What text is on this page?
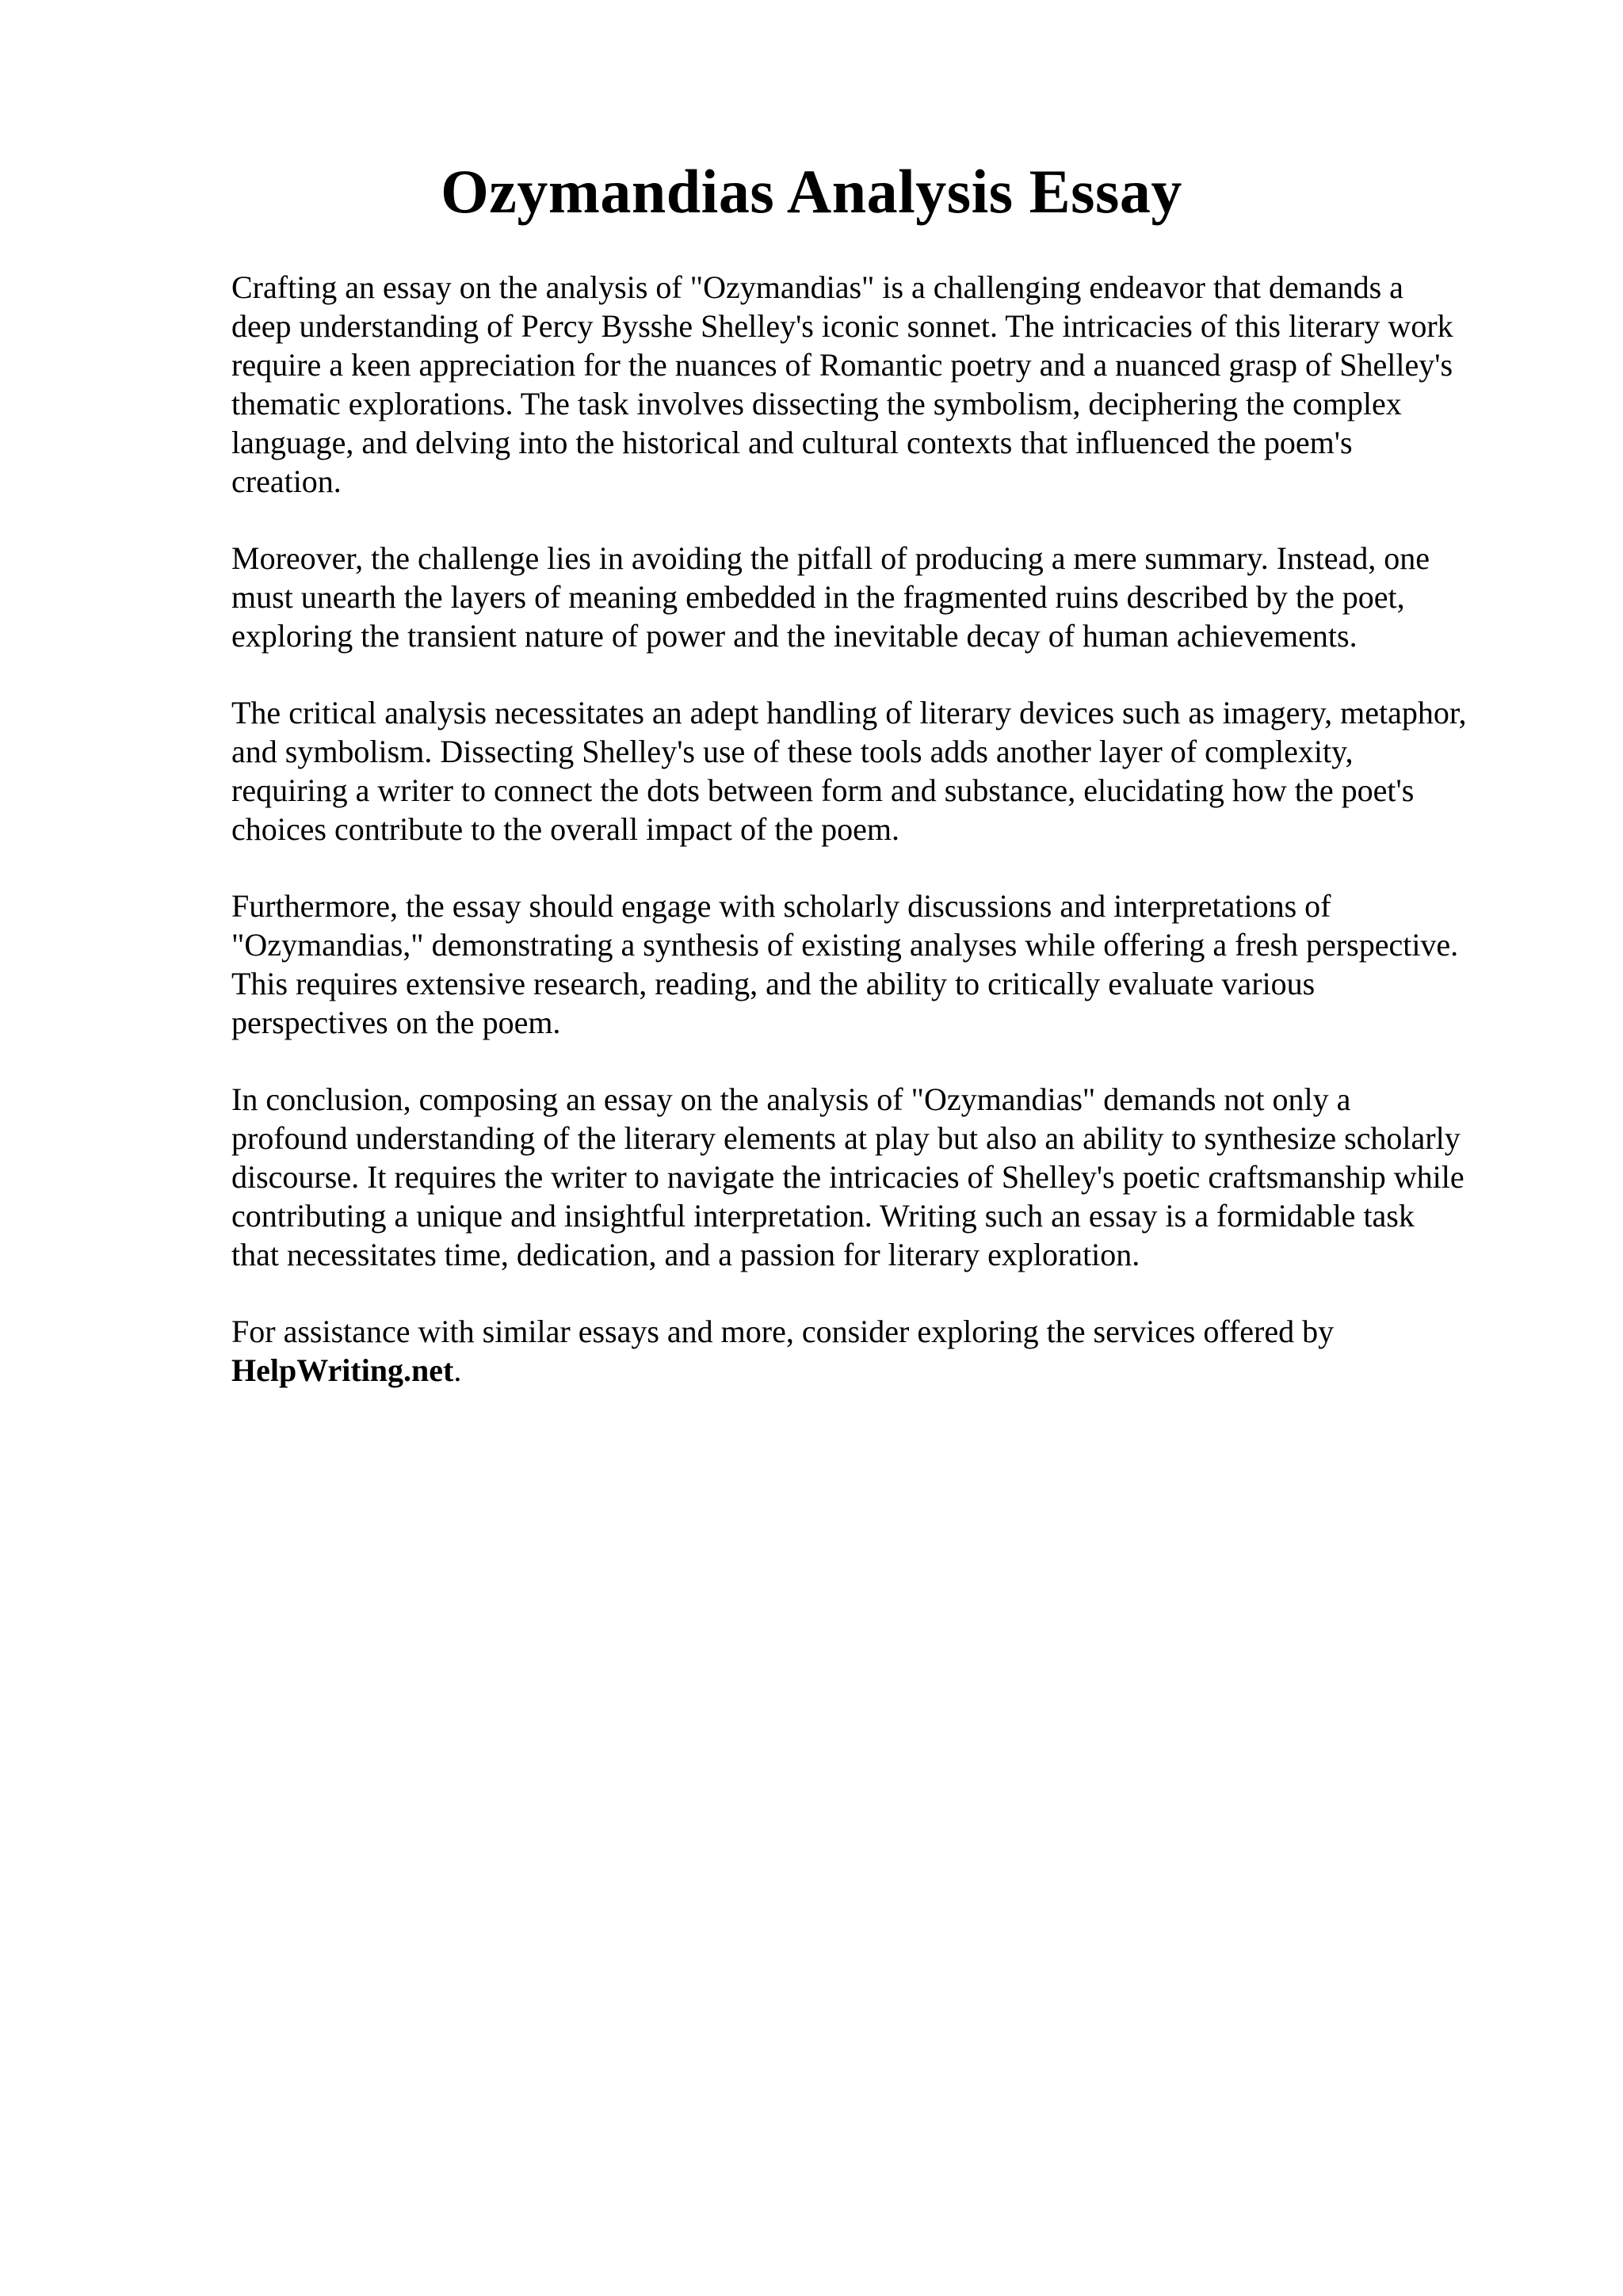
Ozymandias Analysis Essay

Crafting an essay on the analysis of "Ozymandias" is a challenging endeavor that demands a
deep understanding of Percy Bysshe Shelley's iconic sonnet. The intricacies of this literary work
require a keen appreciation for the nuances of Romantic poetry and a nuanced grasp of Shelley's
thematic explorations. The task involves dissecting the symbolism, deciphering the complex
language, and delving into the historical and cultural contexts that influenced the poem's
creation.

Moreover, the challenge lies in avoiding the pitfall of producing a mere summary. Instead, one
must unearth the layers of meaning embedded in the fragmented ruins described by the poet,
exploring the transient nature of power and the inevitable decay of human achievements.

The critical analysis necessitates an adept handling of literary devices such as imagery, metaphor,
and symbolism. Dissecting Shelley's use of these tools adds another layer of complexity,
requiring a writer to connect the dots between form and substance, elucidating how the poet's
choices contribute to the overall impact of the poem.

Furthermore, the essay should engage with scholarly discussions and interpretations of
"Ozymandias," demonstrating a synthesis of existing analyses while offering a fresh perspective.
This requires extensive research, reading, and the ability to critically evaluate various
perspectives on the poem.

In conclusion, composing an essay on the analysis of "Ozymandias" demands not only a
profound understanding of the literary elements at play but also an ability to synthesize scholarly
discourse. It requires the writer to navigate the intricacies of Shelley's poetic craftsmanship while
contributing a unique and insightful interpretation. Writing such an essay is a formidable task
that necessitates time, dedication, and a passion for literary exploration.

For assistance with similar essays and more, consider exploring the services offered by
HelpWriting.net.
